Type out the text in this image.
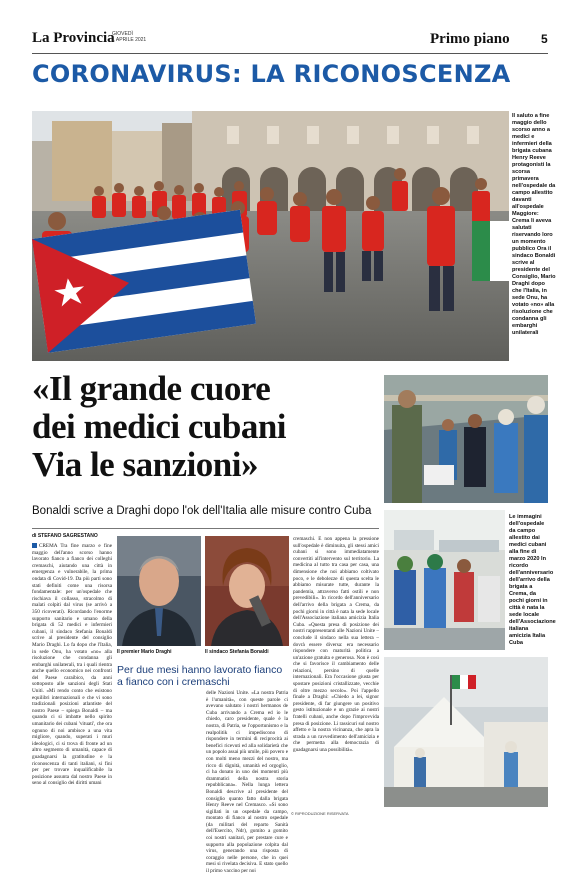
La Provincia
GIOVEDÌ
1 APRILE 2021	Primo piano	5
CORONAVIRUS: LA RICONOSCENZA
Il saluto a fine maggio dello scorso anno a medici e infermieri della brigata cubana Henry Reeve protagonisti la scorsa primavera nell'ospedale da campo allestito davanti all'ospedale Maggiore: Crema li aveva salutati riservando loro un momento pubblico Ora il sindaco Bonaldi scrive al presidente del Consiglio, Mario Draghi dopo che l'Italia, in sede Onu, ha votato «no» alla risoluzione che condanna gli embarghi unilaterali
«Il grande cuore
dei medici cubani
Via le sanzioni»
Bonaldi scrive a Draghi dopo l'ok dell'Italia alle misure contro Cuba	Le immagini dell'ospedale da campo allestito dai medici cubani alla fine di marzo 2020 In ricordo dell'anniversario dell'arrivo della brigata a Crema, da pochi giorni in città è nata la sede locale dell'Associazione italiana amicizia Italia Cuba
di STEFANO SAGRESTANO
CREMA Tra fine marzo e fine maggio dell'anno scorso hanno lavorato fianco a fianco dei colleghi cremaschi, aiutando una città in emergenza e vulnerabile, la prima ondata di Covid-19. Da più parti sono stati definiti come una risorsa fondamentale: per un'ospedale che rischiava il collasso, stracolmo di malati colpiti dal virus (se arrivò a 350 ricoverati). Ricordando l'enorme supporto sanitario e umano della brigata di 52 medici e infermieri cubani, il sindaco Stefania Bonaldi scrive al presidente del consiglio Mario Draghi. Lo fa dopo che l'Italia, in sede Onu, ha votato «no» alla risoluzione che condanna gli embarghi unilaterali, tra i quali rientra anche quello economico nei confronti del Paese caraibico, da anni sottoposto alle sanzioni degli Stati Uniti. «Mi rendo conto che esistono equilibri internazionali e che vi sono tradizionali posizioni atlantiste del nostro Paese – spiega Bonaldi – ma quando ci si imbatte nello spirito umanitario dei cubani 'vituati', che ora ognuno di noi ambisce a una vita migliore, quando, superati i muri ideologici, ci si trova di fronte ad un altro segmento di umanità, capace di guadagnarsi la gratitudine e la riconoscenza di tanti italiani, si fini per per trovare inqualificabile la posizione assunta dal nostro Paese in seno al consiglio dei diritti umani
Il premier Mario Draghi	Il sindaco Stefania Bonaldi
Per due mesi hanno lavorato fianco a fianco con i cremaschi
delle Nazioni Unite. «La nostra Patria è l'umanità», con queste parole ci avevano salutato i nostri hermanos de Cuba arrivando a Crema ed io le chiedo, caro presidente, quale è la nostra, di Patria, se l'opportunismo e la realpolitik ci impediscono di rispondere in termini di reciprocità ai benefici ricevuti ed alla solidarietà che un popolo assai più umile, più povero e con molti meno mezzi del nostro, ma ricco di dignità, umanità ed orgoglio, ci ha donato in uno dei momenti più drammatici della nostra storia repubblicana». Nella lunga lettera Bonaldi descrive al presidente del consiglio quanto fatto dalla brigata Henry Reeve nel Cremasco. «Si sono sigillati in un ospedale da campo, montato di fianco al nostro ospedale (da militari del reparto Sanità dell'Esercito, Ndr), gomito a gomito coi nostri sanitari, per prestare cure e supporto alla popolazione colpita dal virus, generando una risposta di coraggio nelle persone, che in quei mesi si rivelata decisiva. E stato quello il primo vaccino per noi
cremaschi. E non appena la pressione sull'ospedale è diminuita, gli stessi amici cubani si sono immediatamente convertiti all'intervento sul territorio. La medicina al tutto tra casa per casa, una dimensione che noi abbiamo coltivato poco, e le debolezze di questa scelta le abbiamo misurate tutte, durante la pandemia, attraverso fatti ostili e non prevedibili». In ricordo dell'anniversario dell'arrivo della brigata a Crema, da pochi giorni in città è nata la sede locale dell'Associazione italiana amicizia Italia Cuba. «Questa presa di posizione dei nostri rappresentanti alle Nazioni Unite – conclude il sindaco nella sua lettera – dovrà essere diversa: era necessario rispondere con maturità politica a un'azione gratuita e generosa. Non è così che si favorisce il cambiamento delle relazioni, persino di quelle internazionali. Era l'occasione giusta per spostare posizioni cristallizzate, vecchie di oltre mezzo secolo». Poi l'appello finale a Draghi: «Chiedo a lei, signor presidente, di far giungere un positivo gesto istituzionale e un grazie ai nostri fratelli cubani, anche dopo l'improvvida presa di posizione. Li rassicuri sul nostro affetto e la nostra vicinanza, che apra la strada a un ravvedimento dell'amicizia e che permetta alla democrazia di guadagnarsi una possibilità».
© RIPRODUZIONE RISERVATA
